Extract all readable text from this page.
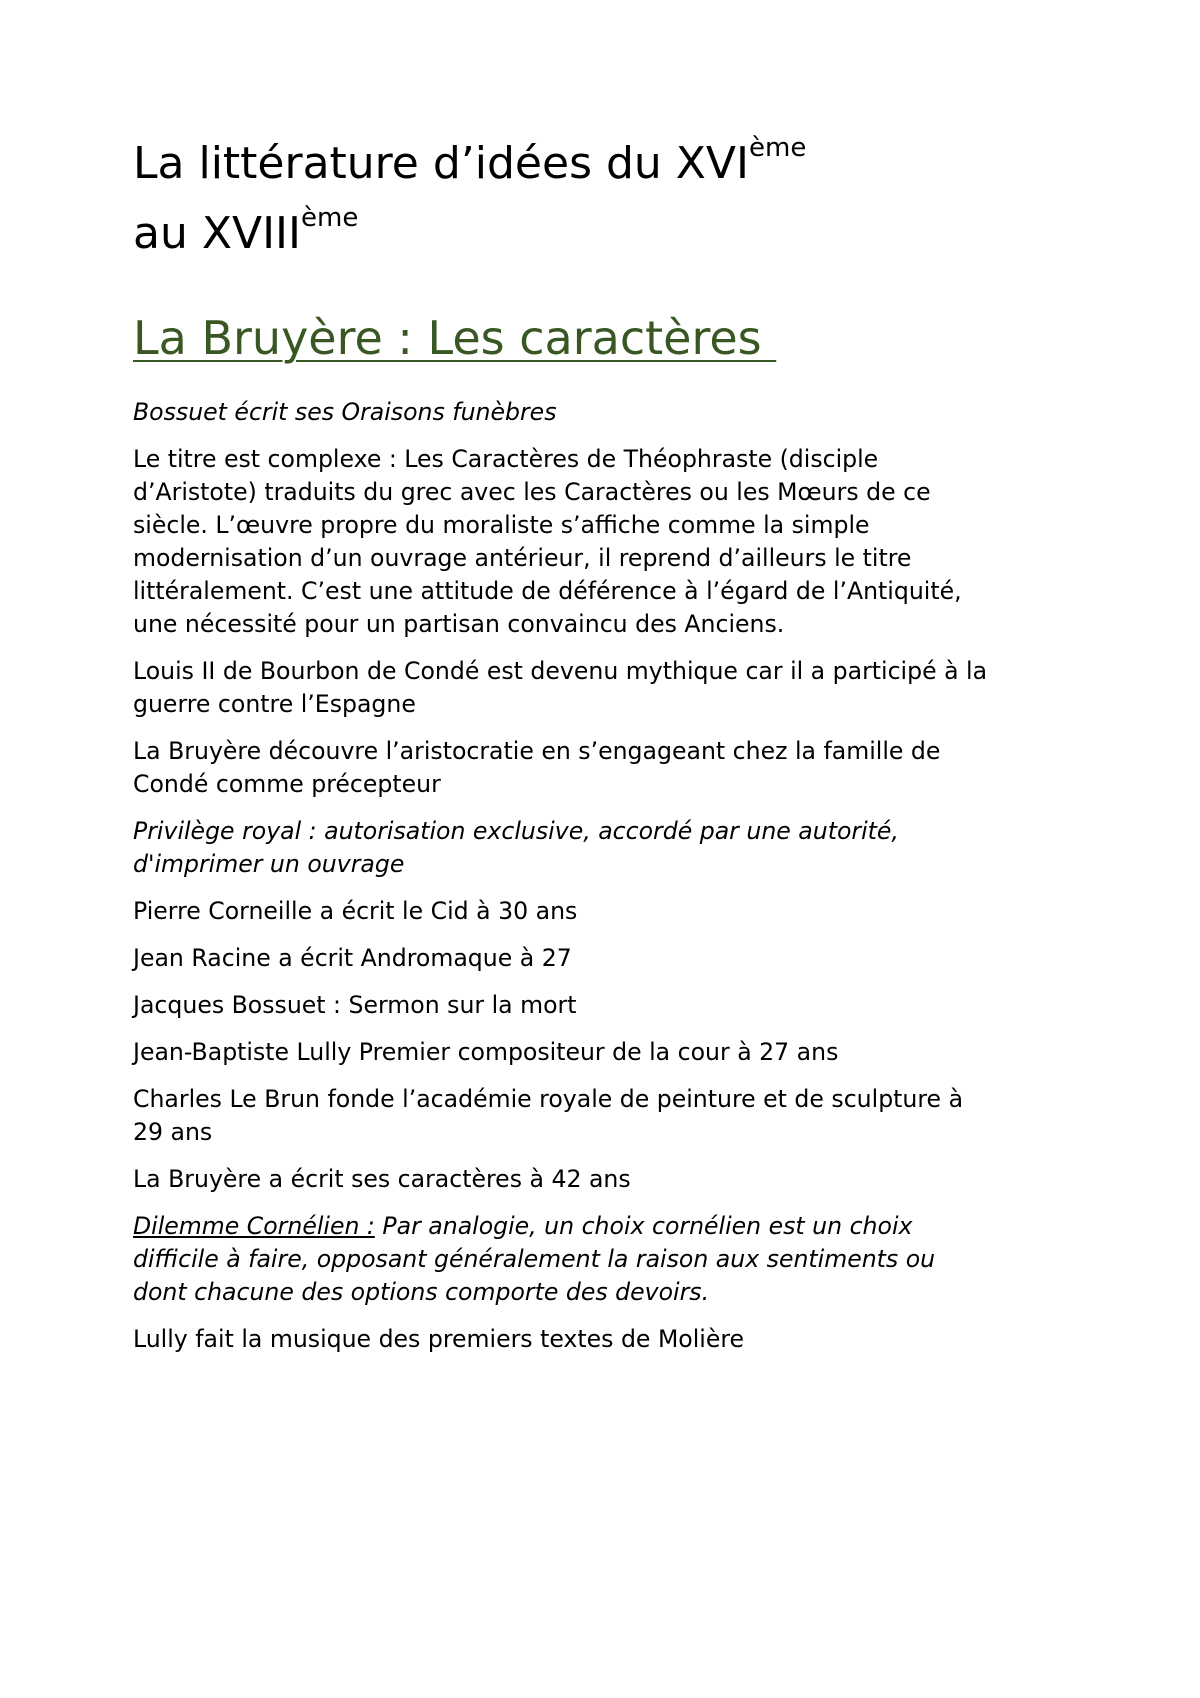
La littérature d’idées du XVIème
au XVIIIème
La Bruyère : Les caractères

Bossuet écrit ses Oraisons funèbres

Le titre est complexe : Les Caractères de Théophraste (disciple d’Aristote) traduits du grec avec les Caractères ou les Mœurs de ce siècle. L’œuvre propre du moraliste s’affiche comme la simple modernisation d’un ouvrage antérieur, il reprend d’ailleurs le titre littéralement. C’est une attitude de déférence à l’égard de l’Antiquité, une nécessité pour un partisan convaincu des Anciens.

Louis II de Bourbon de Condé est devenu mythique car il a participé à la guerre contre l’Espagne

La Bruyère découvre l’aristocratie en s’engageant chez la famille de Condé comme précepteur

Privilège royal : autorisation exclusive, accordé par une autorité, d'imprimer un ouvrage

Pierre Corneille a écrit le Cid à 30 ans

Jean Racine a écrit Andromaque à 27

Jacques Bossuet : Sermon sur la mort

Jean-Baptiste Lully Premier compositeur de la cour à 27 ans

Charles Le Brun fonde l’académie royale de peinture et de sculpture à 29 ans

La Bruyère a écrit ses caractères à 42 ans

Dilemme Cornélien : Par analogie, un choix cornélien est un choix difficile à faire, opposant généralement la raison aux sentiments ou dont chacune des options comporte des devoirs.

Lully fait la musique des premiers textes de Molière
